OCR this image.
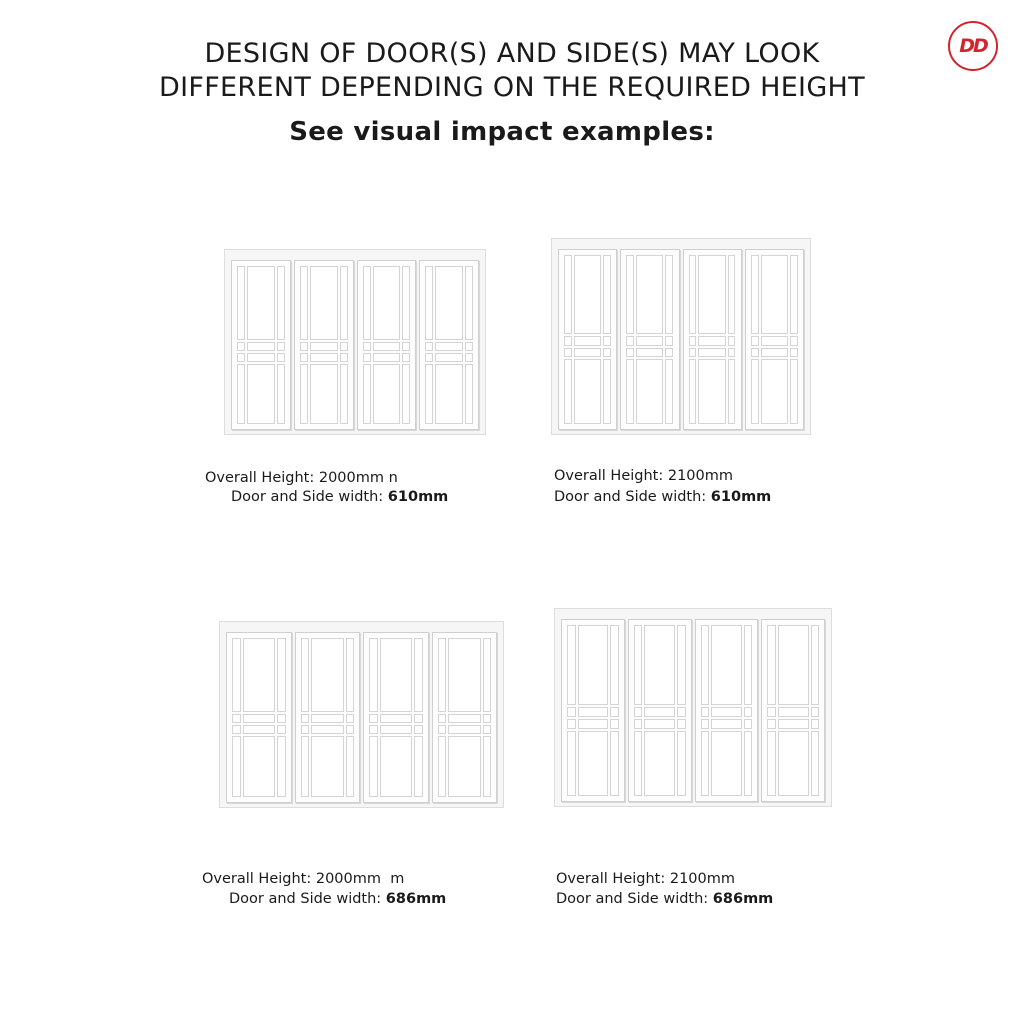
DESIGN OF DOOR(S) AND SIDE(S) MAY LOOK
DIFFERENT DEPENDING ON THE REQUIRED HEIGHT
See visual impact examples:
DD
Overall Height: 2000mm n
Door and Side width: 610mm
Overall Height: 2100mm
Door and Side width: 610mm
Overall Height: 2000mm m
Door and Side width: 686mm
Overall Height: 2100mm
Door and Side width: 686mm
